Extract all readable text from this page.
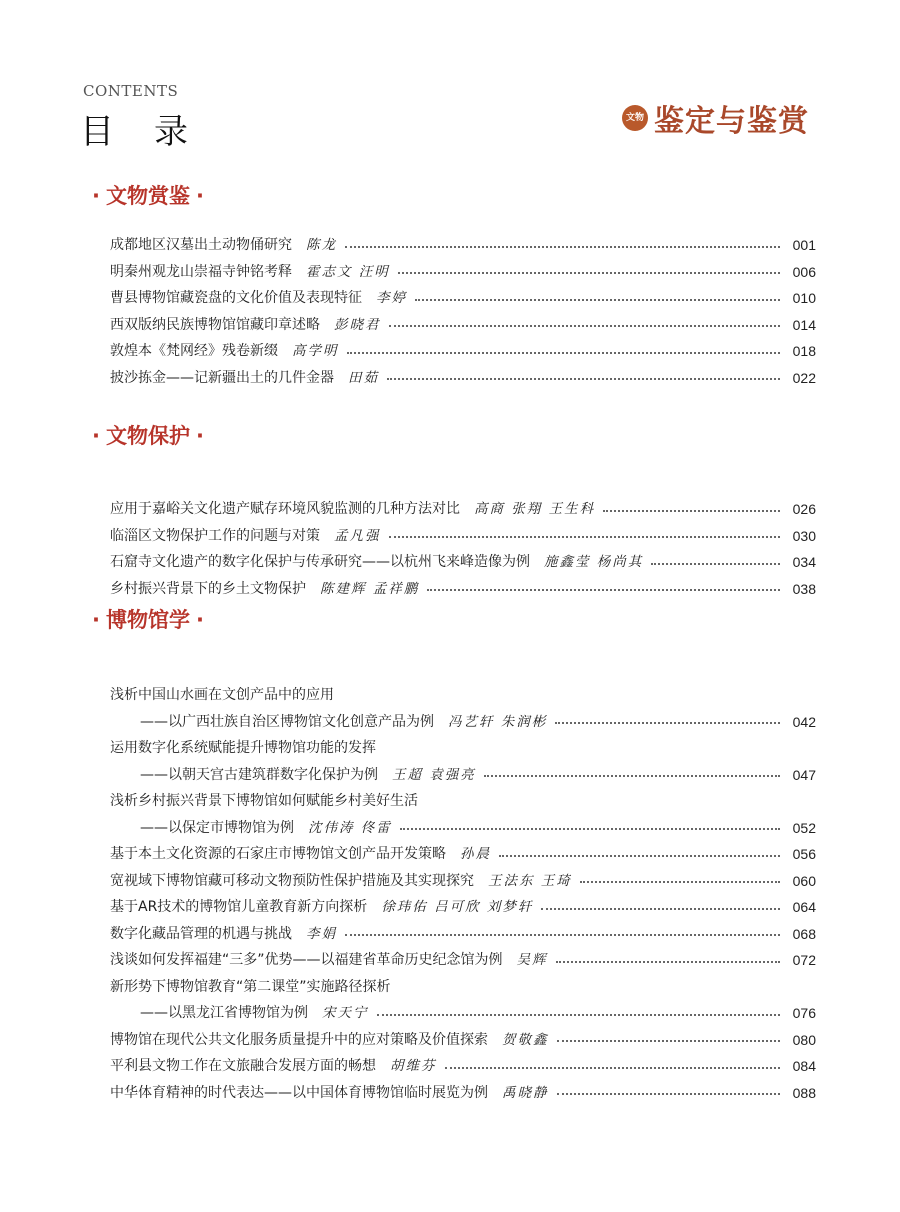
CONTENTS
目录	文物 鉴定与鉴赏
· 文物赏鉴 ·
成都地区汉墓出土动物俑研究 陈龙	001
明秦州观龙山崇福寺钟铭考释 霍志文 汪明	006
曹县博物馆藏瓷盘的文化价值及表现特征 李婷	010
西双版纳民族博物馆馆藏印章述略 彭晓君	014
敦煌本《梵网经》残卷新缀 高学明	018
披沙拣金——记新疆出土的几件金器 田茹	022
· 文物保护 ·
应用于嘉峪关文化遗产赋存环境风貌监测的几种方法对比 高商 张翔 王生科	026
临淄区文物保护工作的问题与对策 孟凡强	030
石窟寺文化遗产的数字化保护与传承研究——以杭州飞来峰造像为例 施鑫莹 杨尚其	034
乡村振兴背景下的乡土文物保护 陈建辉 孟祥鹏	038
· 博物馆学 ·
浅析中国山水画在文创产品中的应用
——以广西壮族自治区博物馆文化创意产品为例 冯艺轩 朱润彬	042
运用数字化系统赋能提升博物馆功能的发挥
——以朝天宫古建筑群数字化保护为例 王超 袁强亮	047
浅析乡村振兴背景下博物馆如何赋能乡村美好生活
——以保定市博物馆为例 沈伟涛 佟雷	052
基于本土文化资源的石家庄市博物馆文创产品开发策略 孙晨	056
宽视域下博物馆藏可移动文物预防性保护措施及其实现探究 王法东 王琦	060
基于AR技术的博物馆儿童教育新方向探析 徐玮佑 吕可欣 刘梦轩	064
数字化藏品管理的机遇与挑战 李娟	068
浅谈如何发挥福建“三多”优势——以福建省革命历史纪念馆为例 吴辉	072
新形势下博物馆教育“第二课堂”实施路径探析
——以黑龙江省博物馆为例 宋天宁	076
博物馆在现代公共文化服务质量提升中的应对策略及价值探索 贺敬鑫	080
平利县文物工作在文旅融合发展方面的畅想 胡维芬	084
中华体育精神的时代表达——以中国体育博物馆临时展览为例 禹晓静	088
